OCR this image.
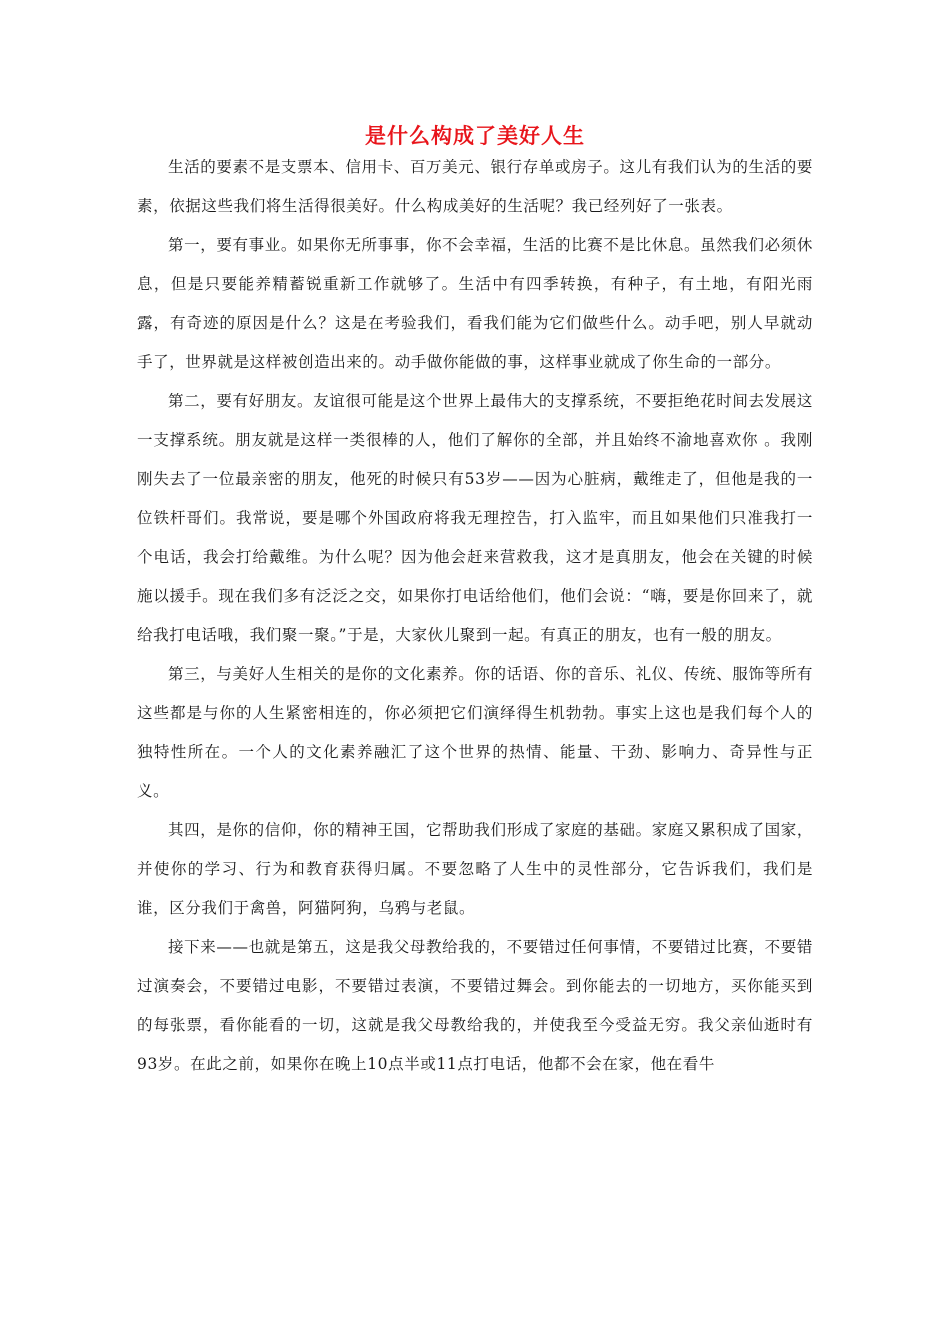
是什么构成了美好人生

生活的要素不是支票本、信用卡、百万美元、银行存单或房子。这儿有我们认为的生活的要素，依据这些我们将生活得很美好。什么构成美好的生活呢？我已经列好了一张表。

第一，要有事业。如果你无所事事，你不会幸福，生活的比赛不是比休息。虽然我们必须休息，但是只要能养精蓄锐重新工作就够了。生活中有四季转换，有种子，有土地，有阳光雨露，有奇迹的原因是什么？这是在考验我们，看我们能为它们做些什么。动手吧，别人早就动手了，世界就是这样被创造出来的。动手做你能做的事，这样事业就成了你生命的一部分。

第二，要有好朋友。友谊很可能是这个世界上最伟大的支撑系统，不要拒绝花时间去发展这一支撑系统。朋友就是这样一类很棒的人，他们了解你的全部，并且始终不渝地喜欢你 。我刚刚失去了一位最亲密的朋友，他死的时候只有53岁——因为心脏病，戴维走了，但他是我的一位铁杆哥们。我常说，要是哪个外国政府将我无理控告，打入监牢，而且如果他们只准我打一个电话，我会打给戴维。为什么呢？因为他会赶来营救我，这才是真朋友，他会在关键的时候施以援手。现在我们多有泛泛之交，如果你打电话给他们，他们会说：“嗨，要是你回来了，就给我打电话哦，我们聚一聚。”于是，大家伙儿聚到一起。有真正的朋友，也有一般的朋友。

第三，与美好人生相关的是你的文化素养。你的话语、你的音乐、礼仪、传统、服饰等所有这些都是与你的人生紧密相连的，你必须把它们演绎得生机勃勃。事实上这也是我们每个人的独特性所在。一个人的文化素养融汇了这个世界的热情、能量、干劲、影响力、奇异性与正义。

其四，是你的信仰，你的精神王国，它帮助我们形成了家庭的基础。家庭又累积成了国家，并使你的学习、行为和教育获得归属。不要忽略了人生中的灵性部分，它告诉我们，我们是谁，区分我们于禽兽，阿猫阿狗，乌鸦与老鼠。

接下来——也就是第五，这是我父母教给我的，不要错过任何事情，不要错过比赛，不要错过演奏会，不要错过电影，不要错过表演，不要错过舞会。到你能去的一切地方，买你能买到的每张票，看你能看的一切，这就是我父母教给我的，并使我至今受益无穷。我父亲仙逝时有93岁。在此之前，如果你在晚上10点半或11点打电话，他都不会在家，他在看牛
